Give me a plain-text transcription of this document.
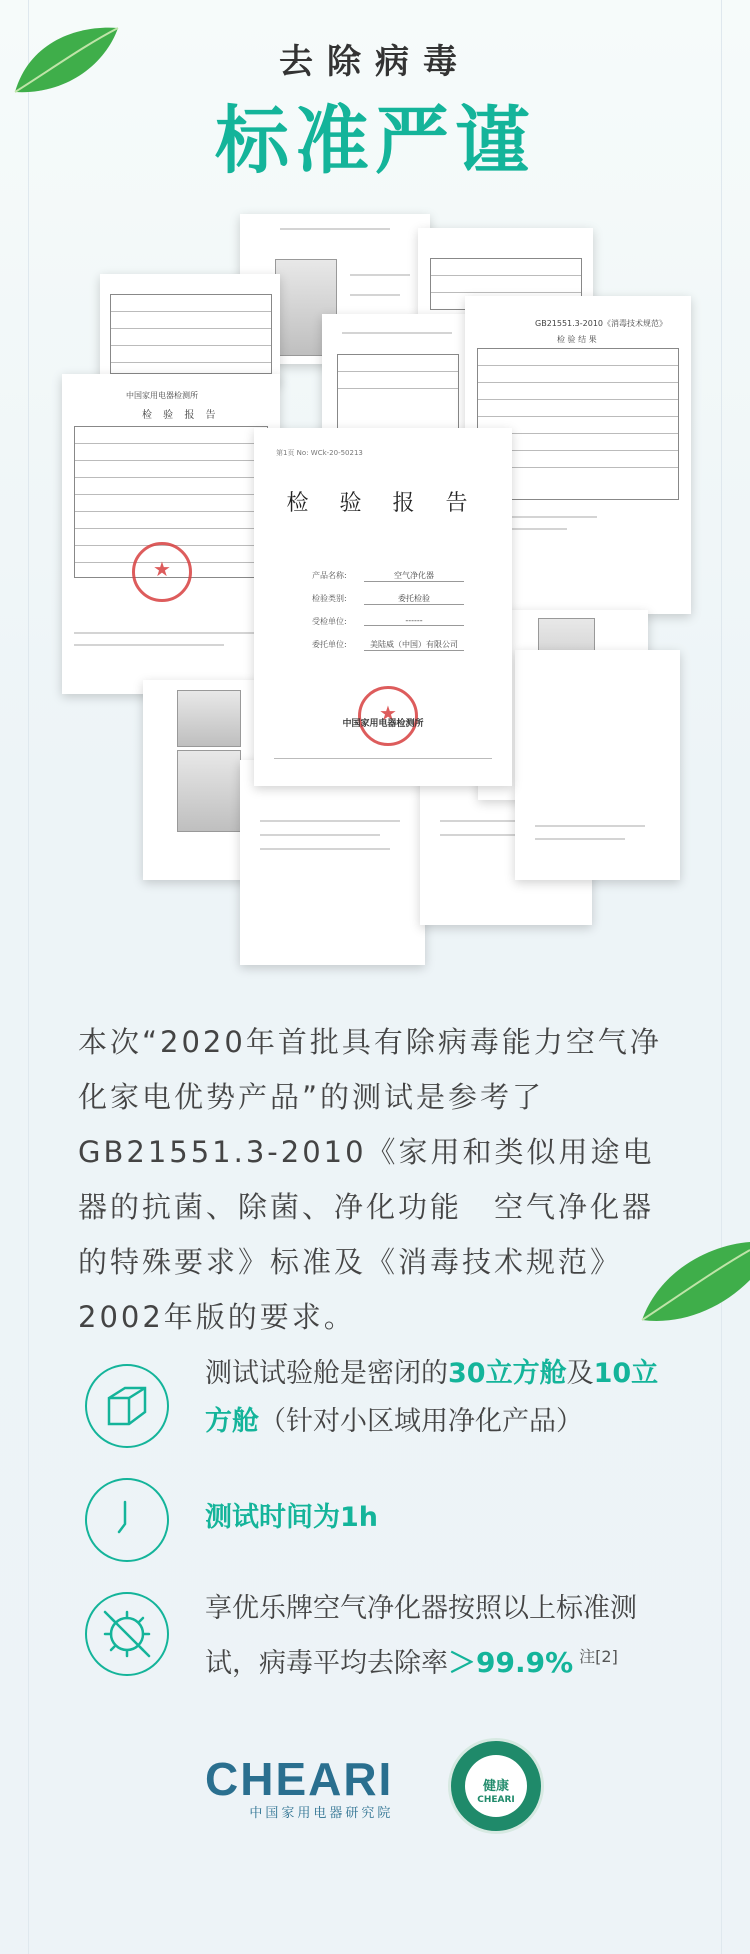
去除病毒
标准严谨
GB21551.3-2010《消毒技术规范》
检 验 结 果
中国家用电器检测所
检 验 报 告
★
第1页 No: WCk-20-50213
检 验 报 告
产品名称:	空气净化器
检验类别:	委托检验
受检单位:	------
委托单位:	美陆威（中国）有限公司
★
中国家用电器检测所
本次“2020年首批具有除病毒能力空气净化家电优势产品”的测试是参考了GB21551.3-2010《家用和类似用途电器的抗菌、除菌、净化功能　空气净化器的特殊要求》标准及《消毒技术规范》2002年版的要求。
测试试验舱是密闭的30立方舱及10立方舱（针对小区域用净化产品）
测试时间为1h
享优乐牌空气净化器按照以上标准测试，病毒平均去除率＞99.9% $^{注[2]}$
CHEARI
中国家用电器研究院
健康
CHEARI
